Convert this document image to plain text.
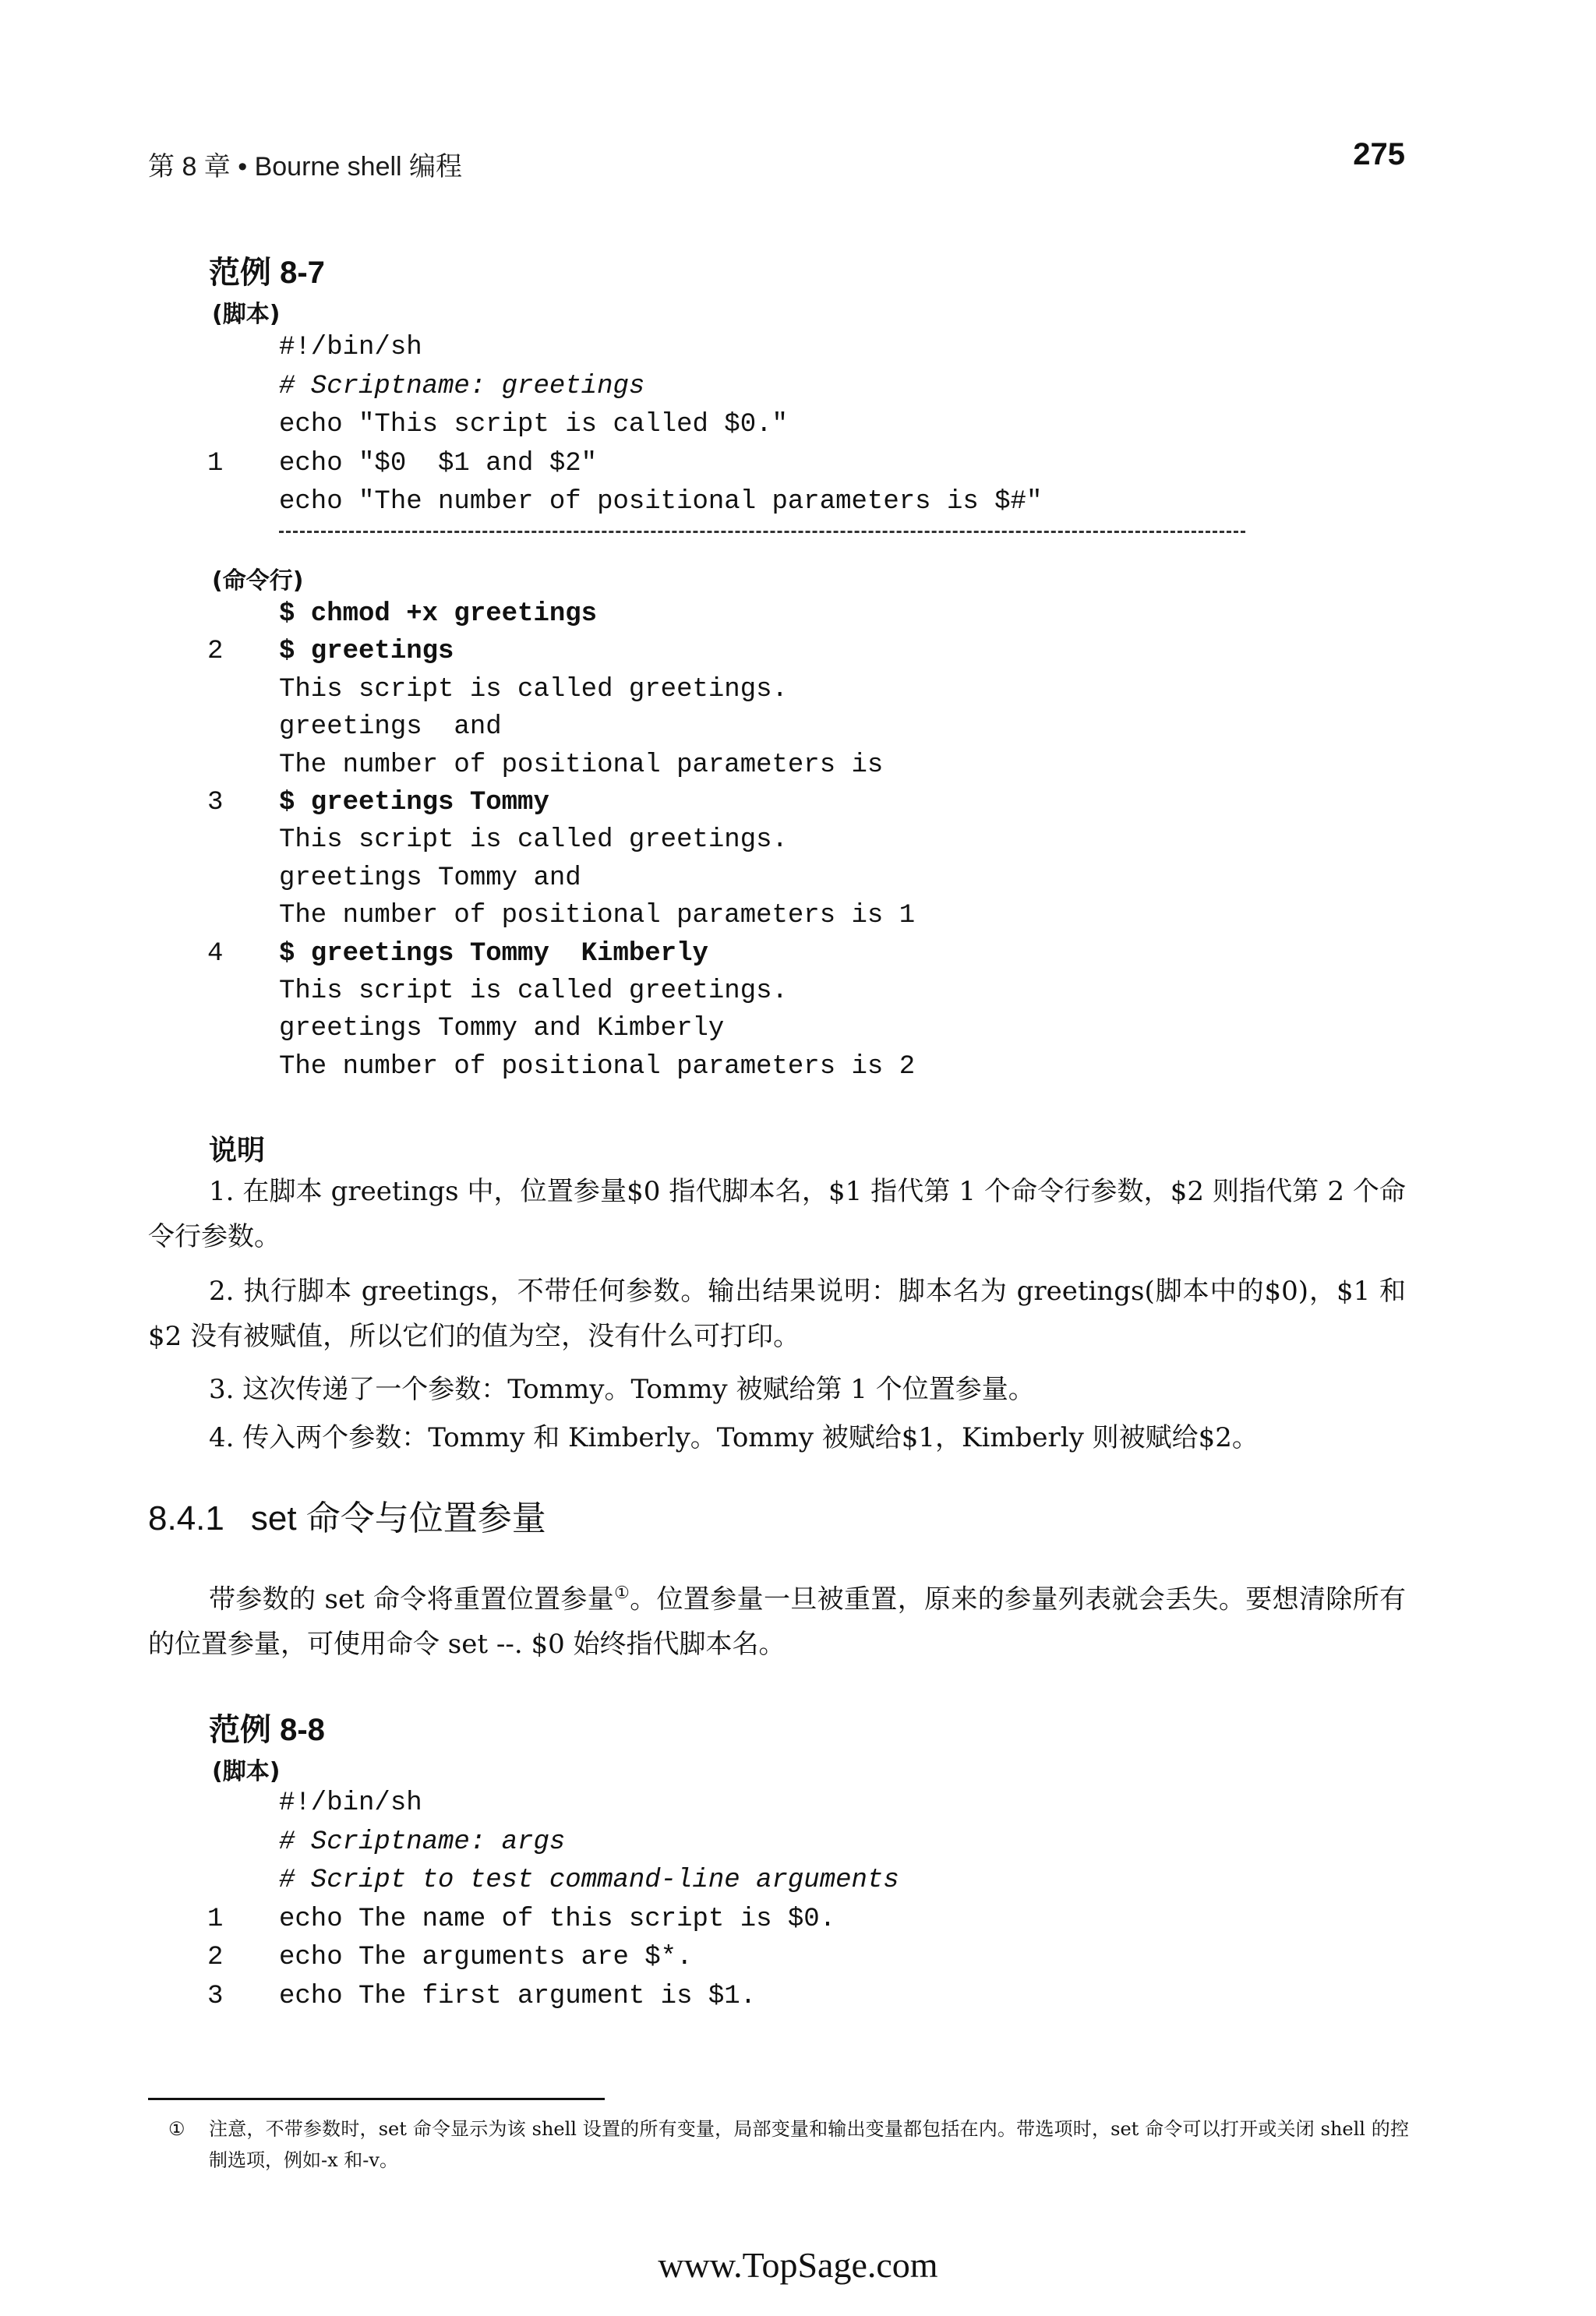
第 8 章 • Bourne shell 编程	275
范例 8-7
(脚本)
#!/bin/sh
# Scriptname: greetings
echo "This script is called $0."
1 echo "$0  $1 and $2"
echo "The number of positional parameters is $#"
(命令行)
$ chmod +x greetings
2 $ greetings
This script is called greetings.
greetings  and
The number of positional parameters is
3 $ greetings Tommy
This script is called greetings.
greetings Tommy and
The number of positional parameters is 1
4 $ greetings Tommy  Kimberly
This script is called greetings.
greetings Tommy and Kimberly
The number of positional parameters is 2
说明
1. 在脚本 greetings 中，位置参量$0 指代脚本名，$1 指代第 1 个命令行参数，$2 则指代第 2 个命令行参数。
2. 执行脚本 greetings，不带任何参数。输出结果说明：脚本名为 greetings(脚本中的$0)，$1 和$2 没有被赋值，所以它们的值为空，没有什么可打印。
3. 这次传递了一个参数：Tommy。Tommy 被赋给第 1 个位置参量。
4. 传入两个参数：Tommy 和 Kimberly。Tommy 被赋给$1，Kimberly 则被赋给$2。
8.4.1 set 命令与位置参量
带参数的 set 命令将重置位置参量①。位置参量一旦被重置，原来的参量列表就会丢失。要想清除所有的位置参量，可使用命令 set --. $0 始终指代脚本名。
范例 8-8
(脚本)
#!/bin/sh
# Scriptname: args
# Script to test command-line arguments
1 echo The name of this script is $0.
2 echo The arguments are $*.
3 echo The first argument is $1.
① 注意，不带参数时，set 命令显示为该 shell 设置的所有变量，局部变量和输出变量都包括在内。带选项时，set 命令可以打开或关闭 shell 的控制选项，例如-x 和-v。
www.TopSage.com
